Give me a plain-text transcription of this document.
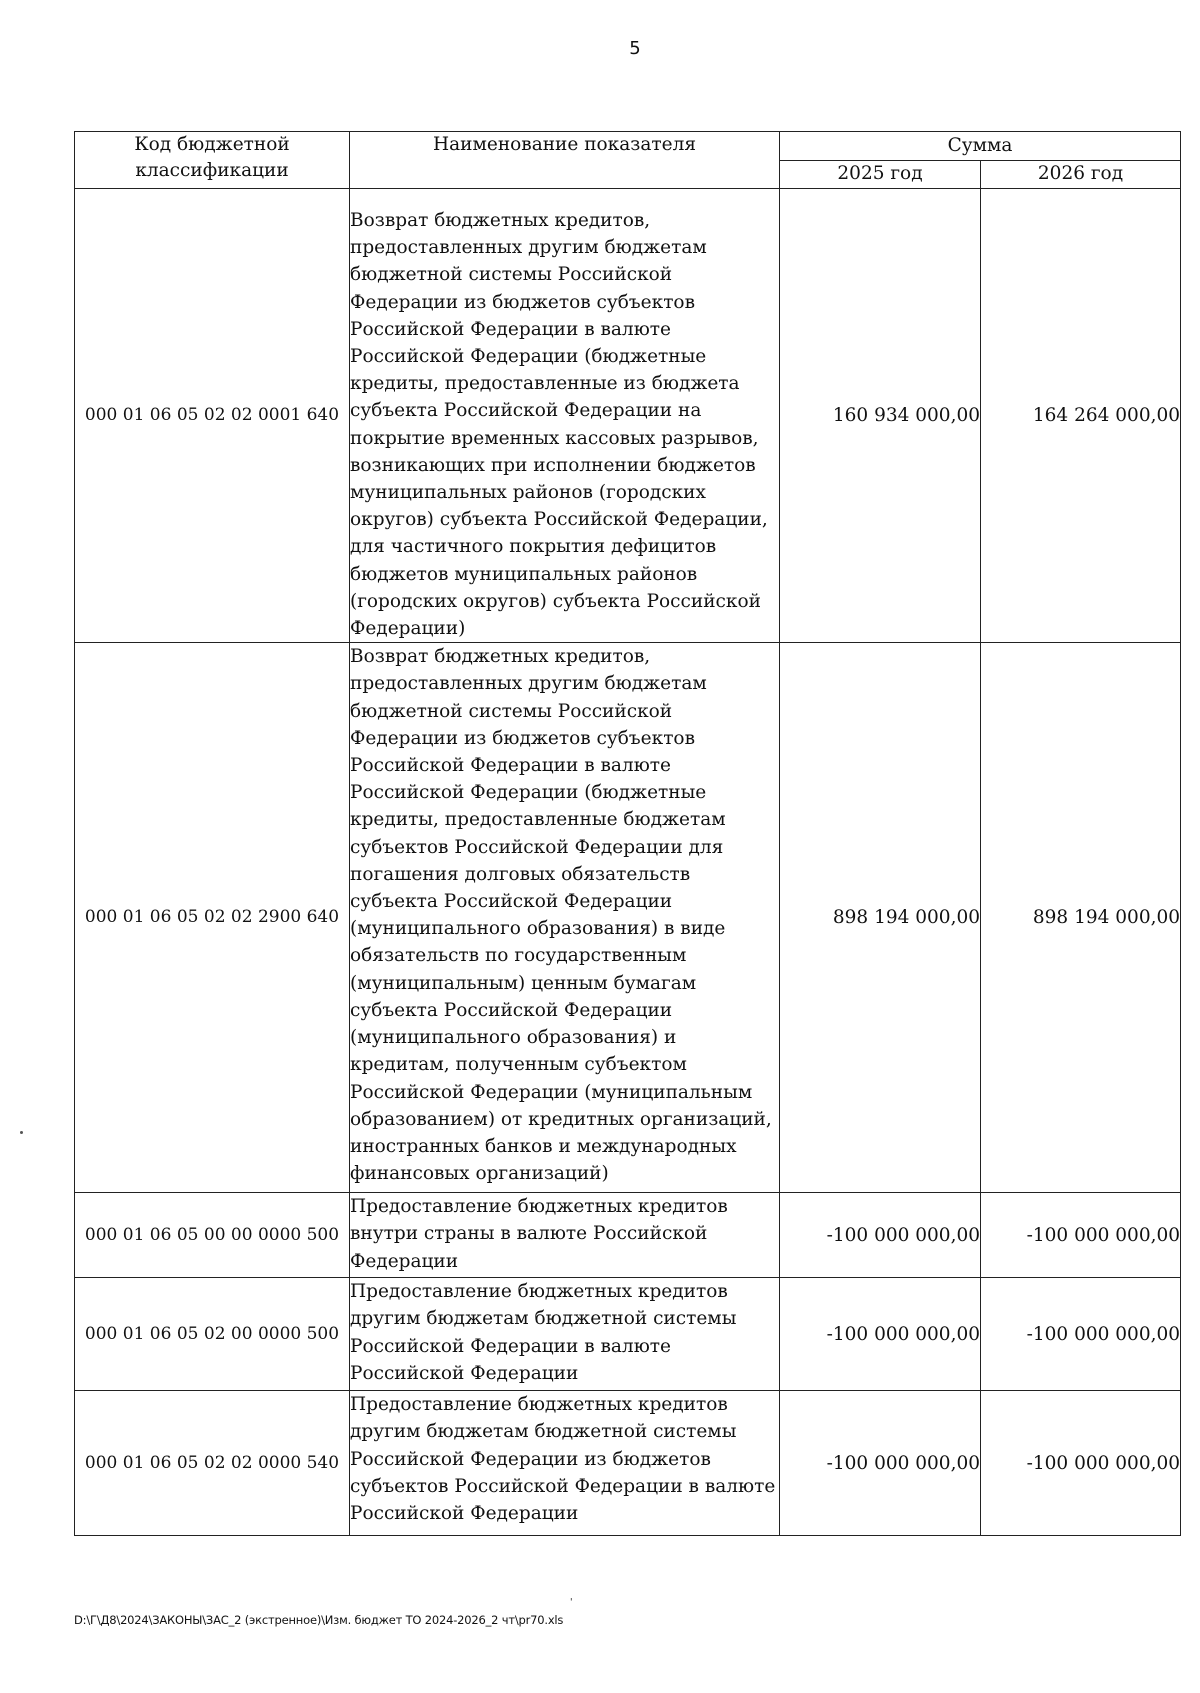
5
Код бюджетной классификации	Наименование показателя	Сумма	
		2025 год	2026 год
000 01 06 05 02 02 0001 640	Возврат бюджетных кредитов, предоставленных другим бюджетам бюджетной системы Российской Федерации из бюджетов субъектов Российской Федерации в валюте Российской Федерации (бюджетные кредиты, предоставленные из бюджета субъекта Российской Федерации на покрытие временных кассовых разрывов, возникающих при исполнении бюджетов муниципальных районов (городских округов) субъекта Российской Федерации, для частичного покрытия дефицитов бюджетов муниципальных районов (городских округов) субъекта Российской Федерации)	160 934 000,00	164 264 000,00
000 01 06 05 02 02 2900 640	Возврат бюджетных кредитов, предоставленных другим бюджетам бюджетной системы Российской Федерации из бюджетов субъектов Российской Федерации в валюте Российской Федерации (бюджетные кредиты, предоставленные бюджетам субъектов Российской Федерации для погашения долговых обязательств субъекта Российской Федерации (муниципального образования) в виде обязательств по государственным (муниципальным) ценным бумагам субъекта Российской Федерации (муниципального образования) и кредитам, полученным субъектом Российской Федерации (муниципальным образованием) от кредитных организаций, иностранных банков и международных финансовых организаций)	898 194 000,00	898 194 000,00
000 01 06 05 00 00 0000 500	Предоставление бюджетных кредитов внутри страны в валюте Российской Федерации	-100 000 000,00	-100 000 000,00
000 01 06 05 02 00 0000 500	Предоставление бюджетных кредитов другим бюджетам бюджетной системы Российской Федерации в валюте Российской Федерации	-100 000 000,00	-100 000 000,00
000 01 06 05 02 02 0000 540	Предоставление бюджетных кредитов другим бюджетам бюджетной системы Российской Федерации из бюджетов субъектов Российской Федерации в валюте Российской Федерации	-100 000 000,00	-100 000 000,00
'
D:\Г\Д8\2024\ЗАКОНЫ\ЗАС_2 (экстренное)\Изм. бюджет ТО 2024-2026_2 чт\pr70.xls
